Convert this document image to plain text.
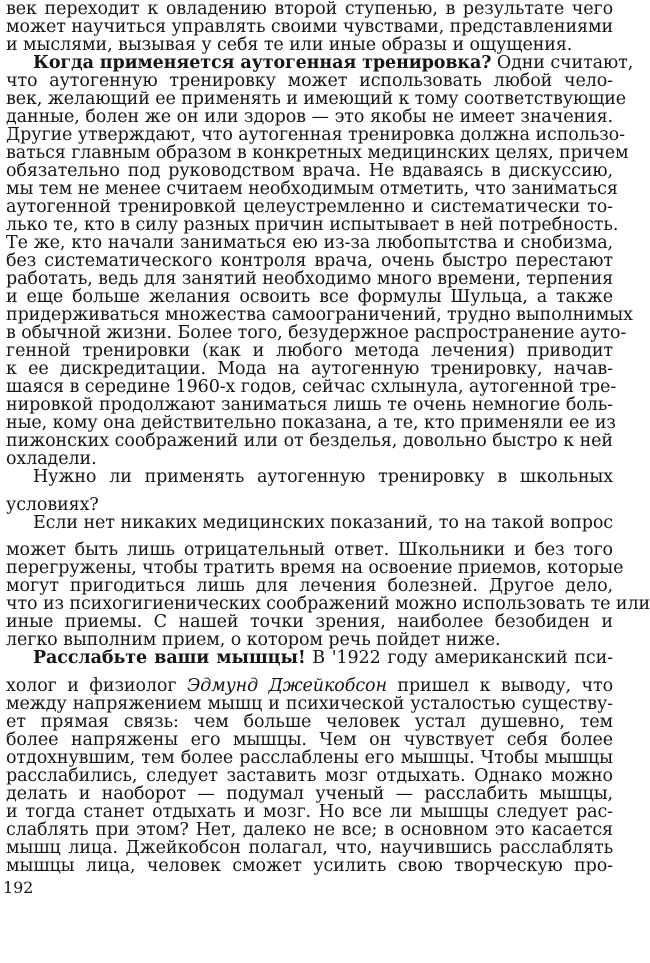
век переходит к овладению второй ступенью, в результате чего
может научиться управлять своими чувствами, представлениями
и мыслями, вызывая у себя те или иные образы и ощущения.
Когда применяется аутогенная тренировка? Одни считают,
что аутогенную тренировку может использовать любой чело-
век, желающий ее применять и имеющий к тому соответствующие
данные, болен же он или здоров — это якобы не имеет значения.
Другие утверждают, что аутогенная тренировка должна использо-
ваться главным образом в конкретных медицинских целях, причем
обязательно под руководством врача. Не вдаваясь в дискуссию,
мы тем не менее считаем необходимым отметить, что заниматься
аутогенной тренировкой целеустремленно и систематически то-
лько те, кто в силу разных причин испытывает в ней потребность.
Те же, кто начали заниматься ею из-за любопытства и снобизма,
без систематического контроля врача, очень быстро перестают
работать, ведь для занятий необходимо много времени, терпения
и еще больше желания освоить все формулы Шульца, а также
придерживаться множества самоограничений, трудно выполнимых
в обычной жизни. Более того, безудержное распространение ауто-
генной тренировки (как и любого метода лечения) приводит
к ее дискредитации. Мода на аутогенную тренировку, начав-
шаяся в середине 1960-х годов, сейчас схлынула, аутогенной тре-
нировкой продолжают заниматься лишь те очень немногие боль-
ные, кому она действительно показана, а те, кто применяли ее из
пижонских соображений или от безделья, довольно быстро к ней
охладели.
Нужно ли применять аутогенную тренировку в школьных
условиях?
Если нет никаких медицинских показаний, то на такой вопрос
может быть лишь отрицательный ответ. Школьники и без того
перегружены, чтобы тратить время на освоение приемов, которые
могут пригодиться лишь для лечения болезней. Другое дело,
что из психогигиенических соображений можно использовать те или
иные приемы. С нашей точки зрения, наиболее безобиден и
легко выполним прием, о котором речь пойдет ниже.
Расслабьте ваши мышцы! В '1922 году американский пси-
холог и физиолог Эдмунд Джейкобсон пришел к выводу, что
между напряжением мышц и психической усталостью существу-
ет прямая связь: чем больше человек устал душевно, тем
более напряжены его мышцы. Чем он чувствует себя более
отдохнувшим, тем более расслаблены его мышцы. Чтобы мышцы
расслабились, следует заставить мозг отдыхать. Однако можно
делать и наоборот — подумал ученый — расслабить мышцы,
и тогда станет отдыхать и мозг. Но все ли мышцы следует рас-
слаблять при этом? Нет, далеко не все; в основном это касается
мышц лица. Джейкобсон полагал, что, научившись расслаблять
мышцы лица, человек сможет усилить свою творческую про-
192
